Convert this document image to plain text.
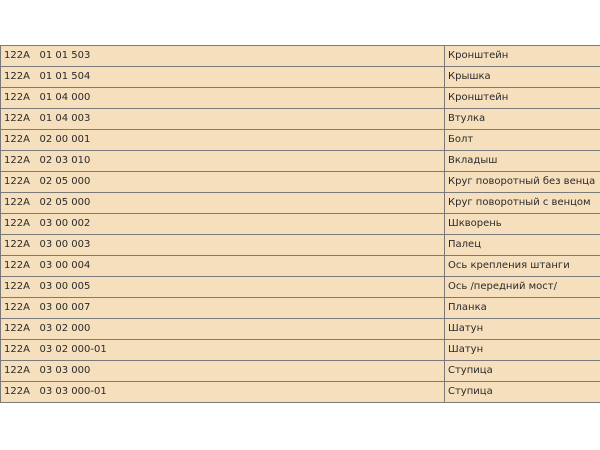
122A   01 01 503	Кронштейн
122A   01 01 504	Крышка
122A   01 04 000	Кронштейн
122A   01 04 003	Втулка
122A   02 00 001	Болт
122A   02 03 010	Вкладыш
122A   02 05 000	Круг поворотный без венца
122A   02 05 000	Круг поворотный с венцом
122A   03 00 002	Шкворень
122A   03 00 003	Палец
122A   03 00 004	Ось крепления штанги
122A   03 00 005	Ось /передний мост/
122A   03 00 007	Планка
122A   03 02 000	Шатун
122A   03 02 000-01	Шатун
122A   03 03 000	Ступица
122A   03 03 000-01	Ступица
